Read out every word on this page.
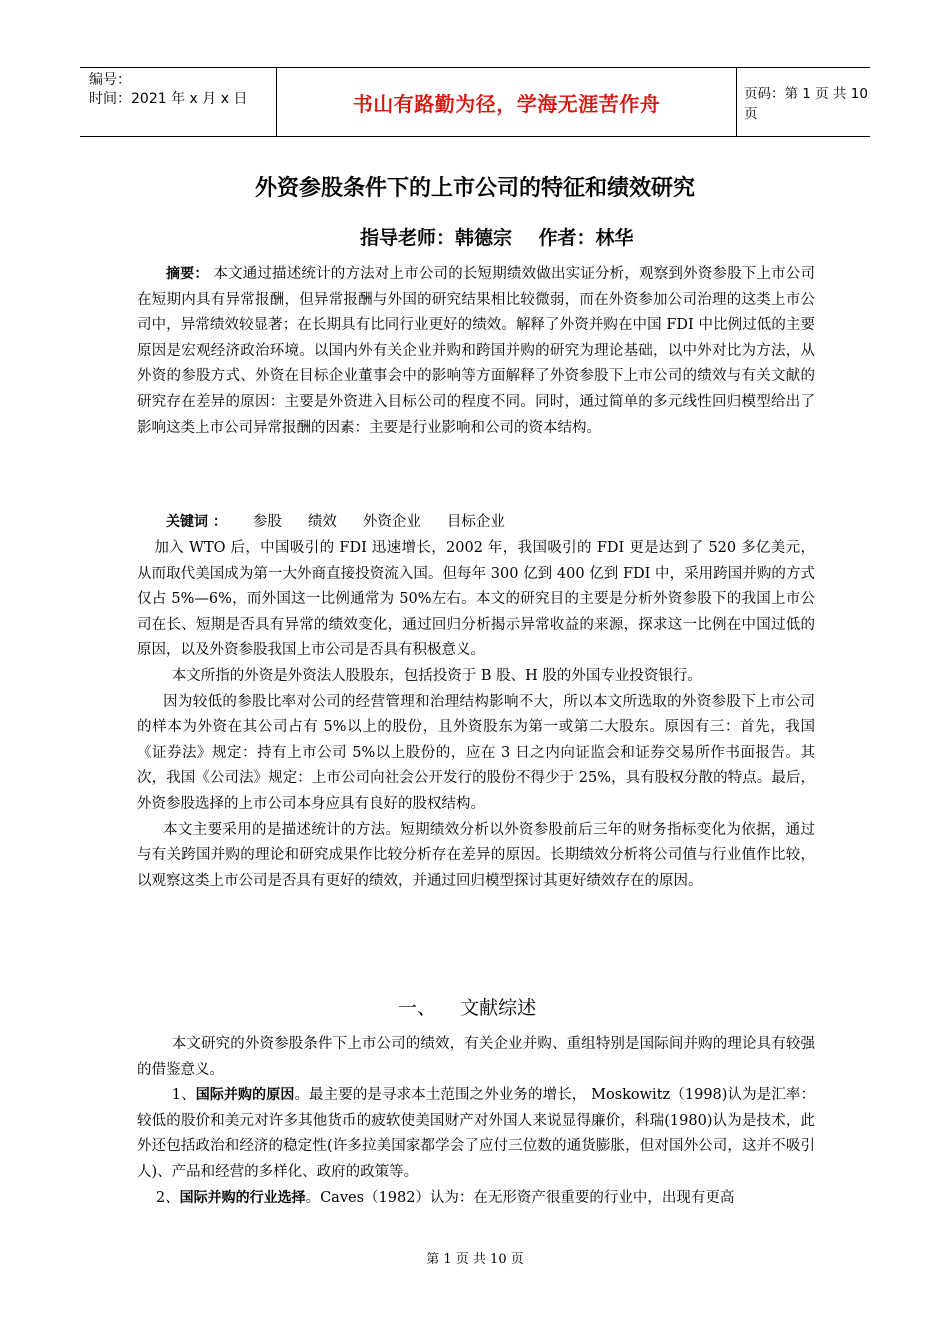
编号：
时间：2021 年 x 月 x 日	书山有路勤为径，学海无涯苦作舟	页码：第 1 页 共 10 页
外资参股条件下的上市公司的特征和绩效研究
指导老师：韩德宗    作者：林华

摘要： 本文通过描述统计的方法对上市公司的长短期绩效做出实证分析，观察到外资参股下上市公司在短期内具有异常报酬，但异常报酬与外国的研究结果相比较微弱，而在外资参加公司治理的这类上市公司中，异常绩效较显著；在长期具有比同行业更好的绩效。解释了外资并购在中国 FDI 中比例过低的主要原因是宏观经济政治环境。以国内外有关企业并购和跨国并购的研究为理论基础，以中外对比为方法，从外资的参股方式、外资在目标企业董事会中的影响等方面解释了外资参股下上市公司的绩效与有关文献的研究存在差异的原因：主要是外资进入目标公司的程度不同。同时，通过简单的多元线性回归模型给出了影响这类上市公司异常报酬的因素：主要是行业影响和公司的资本结构。

关键词 ： 参股 绩效 外资企业 目标企业

加入 WTO 后，中国吸引的 FDI 迅速增长，2002 年，我国吸引的 FDI 更是达到了 520 多亿美元，从而取代美国成为第一大外商直接投资流入国。但每年 300 亿到 400 亿到 FDI 中，采用跨国并购的方式仅占 5%—6%，而外国这一比例通常为 50%左右。本文的研究目的主要是分析外资参股下的我国上市公司在长、短期是否具有异常的绩效变化，通过回归分析揭示异常收益的来源，探求这一比例在中国过低的原因，以及外资参股我国上市公司是否具有积极意义。

本文所指的外资是外资法人股股东，包括投资于 B 股、H 股的外国专业投资银行。

因为较低的参股比率对公司的经营管理和治理结构影响不大，所以本文所选取的外资参股下上市公司的样本为外资在其公司占有 5%以上的股份，且外资股东为第一或第二大股东。原因有三：首先，我国《证券法》规定：持有上市公司 5%以上股份的，应在 3 日之内向证监会和证券交易所作书面报告。其次，我国《公司法》规定：上市公司向社会公开发行的股份不得少于 25%，具有股权分散的特点。最后，外资参股选择的上市公司本身应具有良好的股权结构。

本文主要采用的是描述统计的方法。短期绩效分析以外资参股前后三年的财务指标变化为依据，通过与有关跨国并购的理论和研究成果作比较分析存在差异的原因。长期绩效分析将公司值与行业值作比较，以观察这类上市公司是否具有更好的绩效，并通过回归模型探讨其更好绩效存在的原因。

一、    文献综述

本文研究的外资参股条件下上市公司的绩效，有关企业并购、重组特别是国际间并购的理论具有较强的借鉴意义。

1、国际并购的原因。最主要的是寻求本土范围之外业务的增长， Moskowitz（1998)认为是汇率：较低的股价和美元对许多其他货币的疲软使美国财产对外国人来说显得廉价，科瑞(1980)认为是技术，此外还包括政治和经济的稳定性(许多拉美国家都学会了应付三位数的通货膨胀，但对国外公司，这并不吸引人)、产品和经营的多样化、政府的政策等。

2、国际并购的行业选择。Caves（1982）认为：在无形资产很重要的行业中，出现有更高

第 1 页 共 10 页
